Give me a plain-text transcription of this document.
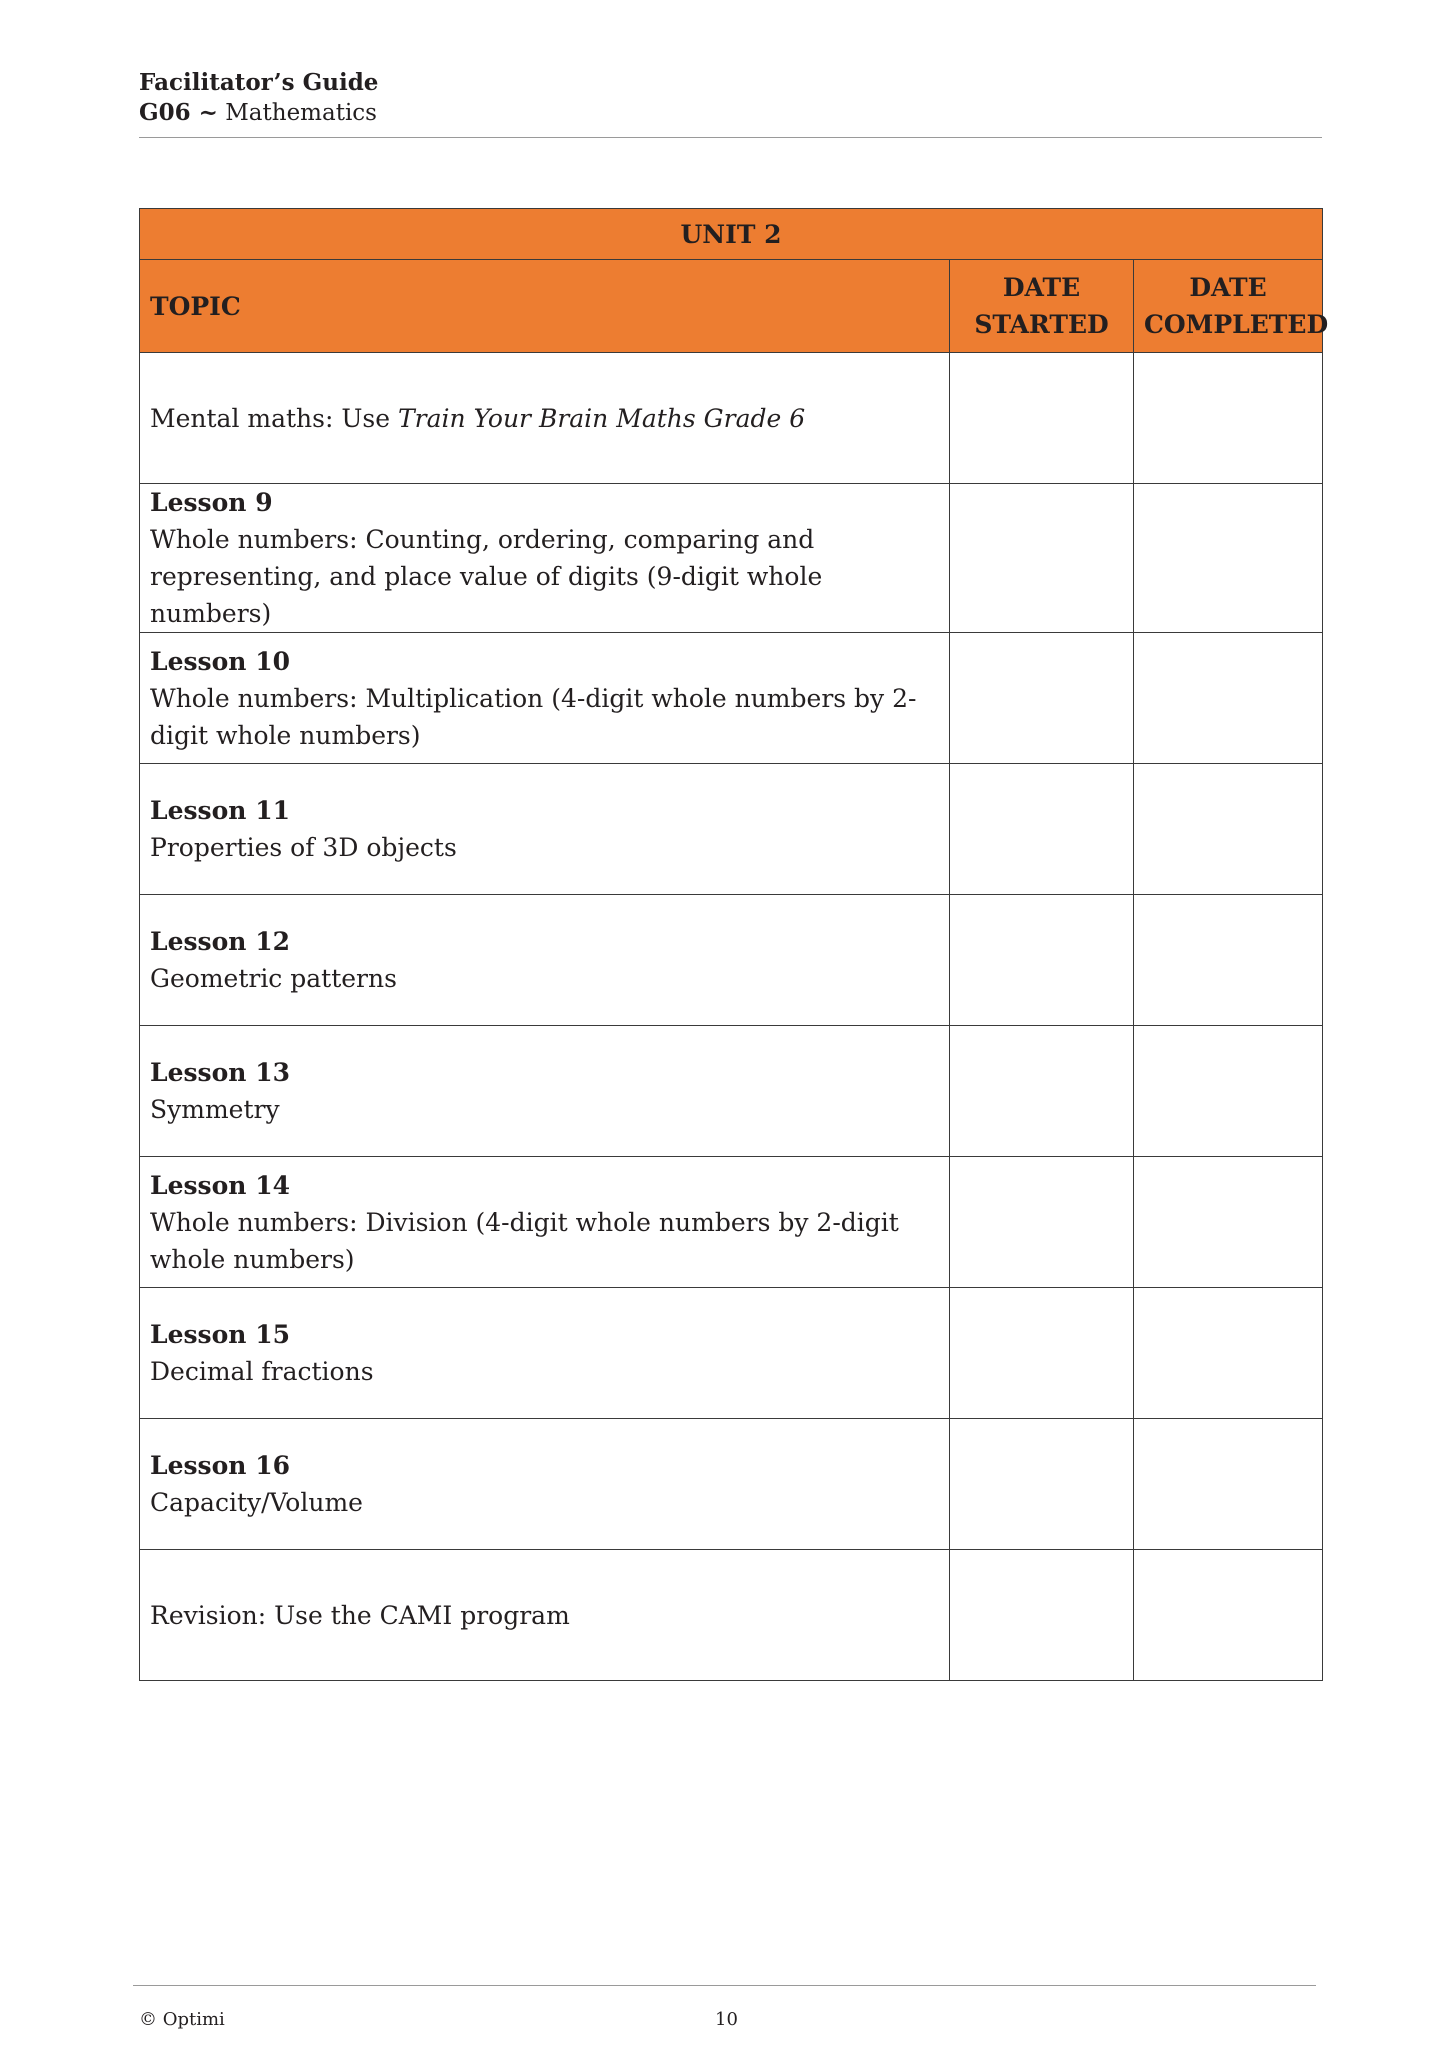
Facilitator’s Guide
G06 ~ Mathematics
UNIT 2		
TOPIC	DATE STARTED	DATE COMPLETED
Mental maths: Use Train Your Brain Maths Grade 6		

Lesson 9
Whole numbers: Counting, ordering, comparing and representing, and place value of digits (9-digit whole numbers)		

Lesson 10
Whole numbers: Multiplication (4-digit whole numbers by 2-digit whole numbers)		

Lesson 11
Properties of 3D objects		

Lesson 12
Geometric patterns		

Lesson 13
Symmetry		

Lesson 14
Whole numbers: Division (4-digit whole numbers by 2-digit whole numbers)		

Lesson 15
Decimal fractions		

Lesson 16
Capacity/Volume		

Revision: Use the CAMI program		

© Optimi	10
